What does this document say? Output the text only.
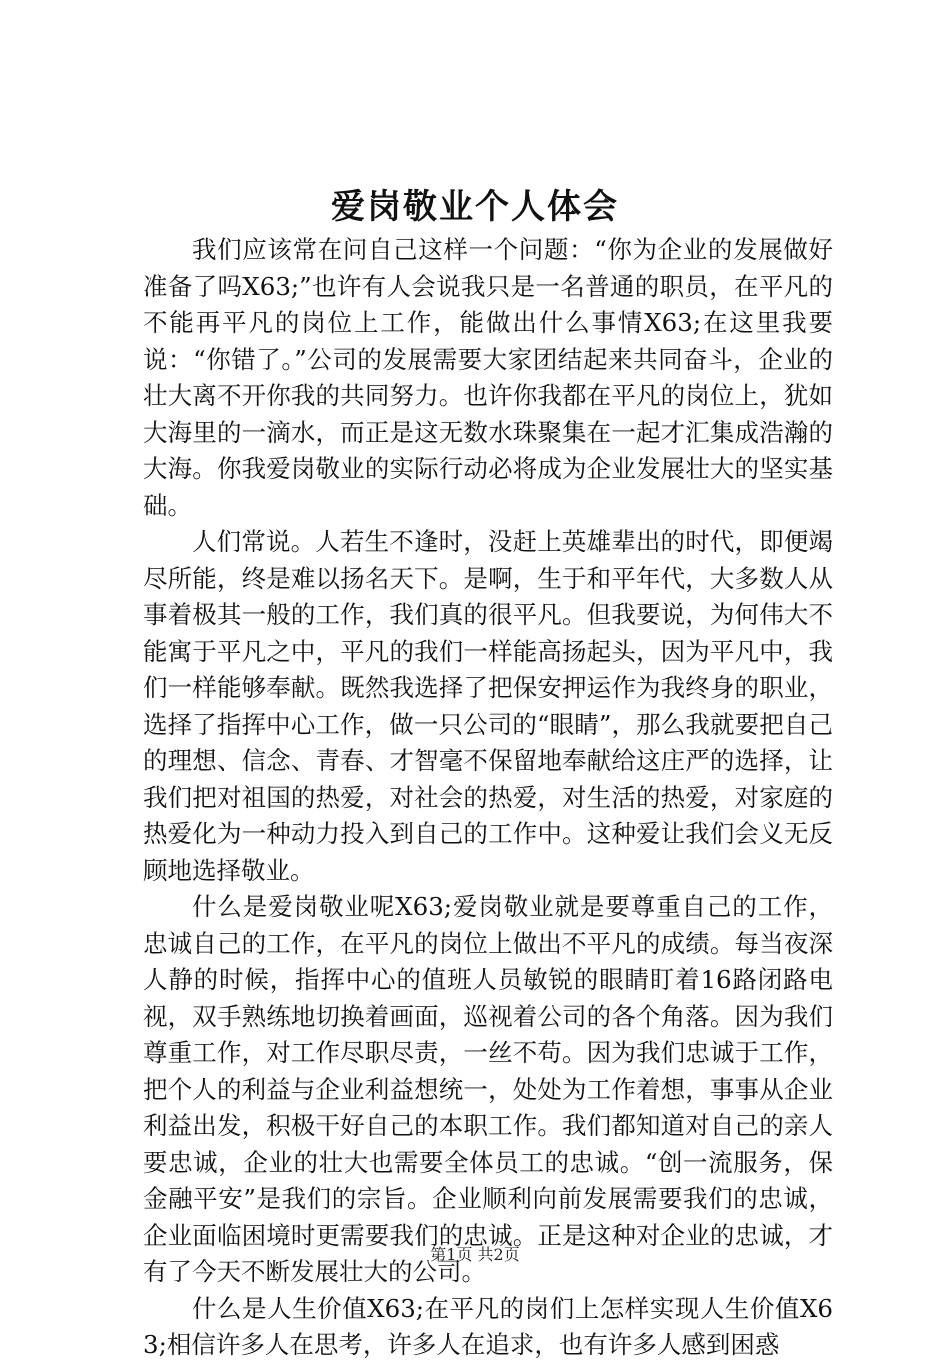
爱岗敬业个人体会

我们应该常在问自己这样一个问题：“你为企业的发展做好准备了吗X63;”也许有人会说我只是一名普通的职员，在平凡的不能再平凡的岗位上工作，能做出什么事情X63;在这里我要说：“你错了。”公司的发展需要大家团结起来共同奋斗，企业的壮大离不开你我的共同努力。也许你我都在平凡的岗位上，犹如大海里的一滴水，而正是这无数水珠聚集在一起才汇集成浩瀚的大海。你我爱岗敬业的实际行动必将成为企业发展壮大的坚实基础。

人们常说。人若生不逢时，没赶上英雄辈出的时代，即便竭尽所能，终是难以扬名天下。是啊，生于和平年代，大多数人从事着极其一般的工作，我们真的很平凡。但我要说，为何伟大不能寓于平凡之中，平凡的我们一样能高扬起头，因为平凡中，我们一样能够奉献。既然我选择了把保安押运作为我终身的职业，选择了指挥中心工作，做一只公司的“眼睛”，那么我就要把自己的理想、信念、青春、才智毫不保留地奉献给这庄严的选择，让我们把对祖国的热爱，对社会的热爱，对生活的热爱，对家庭的热爱化为一种动力投入到自己的工作中。这种爱让我们会义无反顾地选择敬业。

什么是爱岗敬业呢X63;爱岗敬业就是要尊重自己的工作，忠诚自己的工作，在平凡的岗位上做出不平凡的成绩。每当夜深人静的时候，指挥中心的值班人员敏锐的眼睛盯着16路闭路电视，双手熟练地切换着画面，巡视着公司的各个角落。因为我们尊重工作，对工作尽职尽责，一丝不苟。因为我们忠诚于工作，把个人的利益与企业利益想统一，处处为工作着想，事事从企业利益出发，积极干好自己的本职工作。我们都知道对自己的亲人要忠诚，企业的壮大也需要全体员工的忠诚。“创一流服务，保金融平安”是我们的宗旨。企业顺利向前发展需要我们的忠诚，企业面临困境时更需要我们的忠诚。正是这种对企业的忠诚，才有了今天不断发展壮大的公司。

什么是人生价值X63;在平凡的岗们上怎样实现人生价值X63;相信许多人在思考，许多人在追求，也有许多人感到困惑

第1页 共2页
